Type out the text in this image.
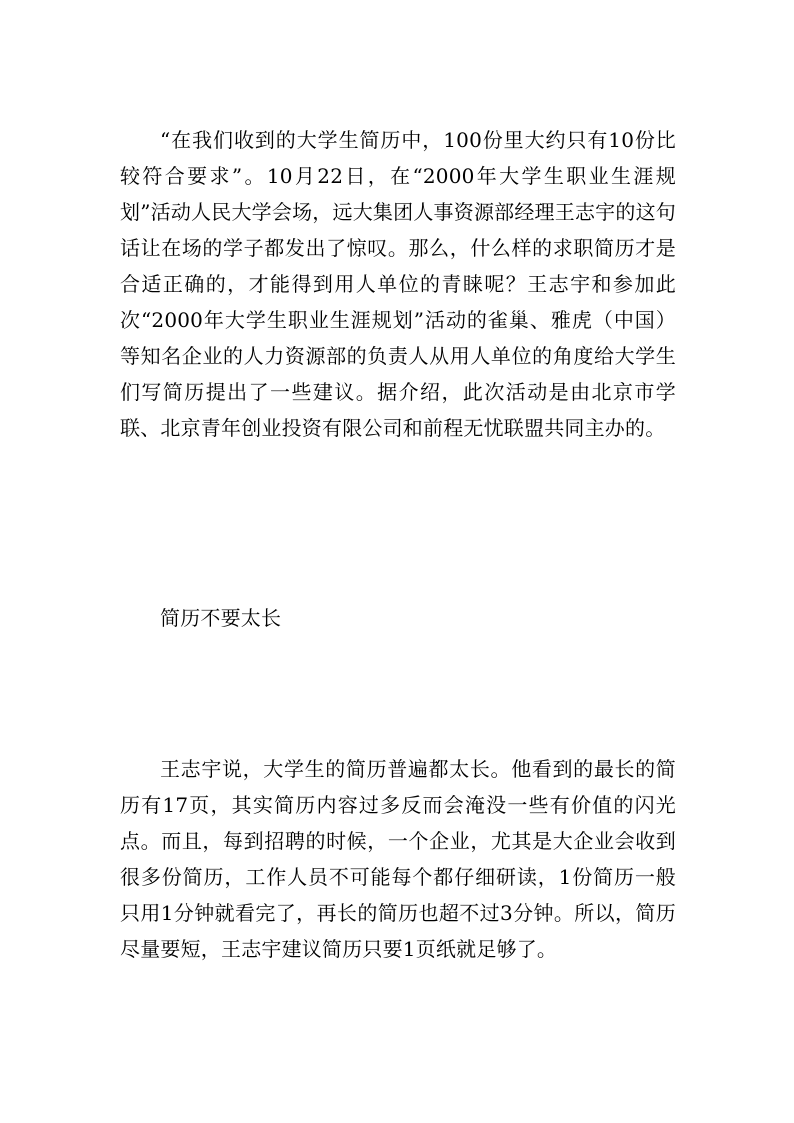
“在我们收到的大学生简历中，100份里大约只有10份比较符合要求”。10月22日，在“2000年大学生职业生涯规划”活动人民大学会场，远大集团人事资源部经理王志宇的这句话让在场的学子都发出了惊叹。那么，什么样的求职简历才是合适正确的，才能得到用人单位的青睐呢？王志宇和参加此次“2000年大学生职业生涯规划”活动的雀巢、雅虎（中国）等知名企业的人力资源部的负责人从用人单位的角度给大学生们写简历提出了一些建议。据介绍，此次活动是由北京市学联、北京青年创业投资有限公司和前程无忧联盟共同主办的。

简历不要太长

王志宇说，大学生的简历普遍都太长。他看到的最长的简历有17页，其实简历内容过多反而会淹没一些有价值的闪光点。而且，每到招聘的时候，一个企业，尤其是大企业会收到很多份简历，工作人员不可能每个都仔细研读，1份简历一般只用1分钟就看完了，再长的简历也超不过3分钟。所以，简历尽量要短，王志宇建议简历只要1页纸就足够了。
